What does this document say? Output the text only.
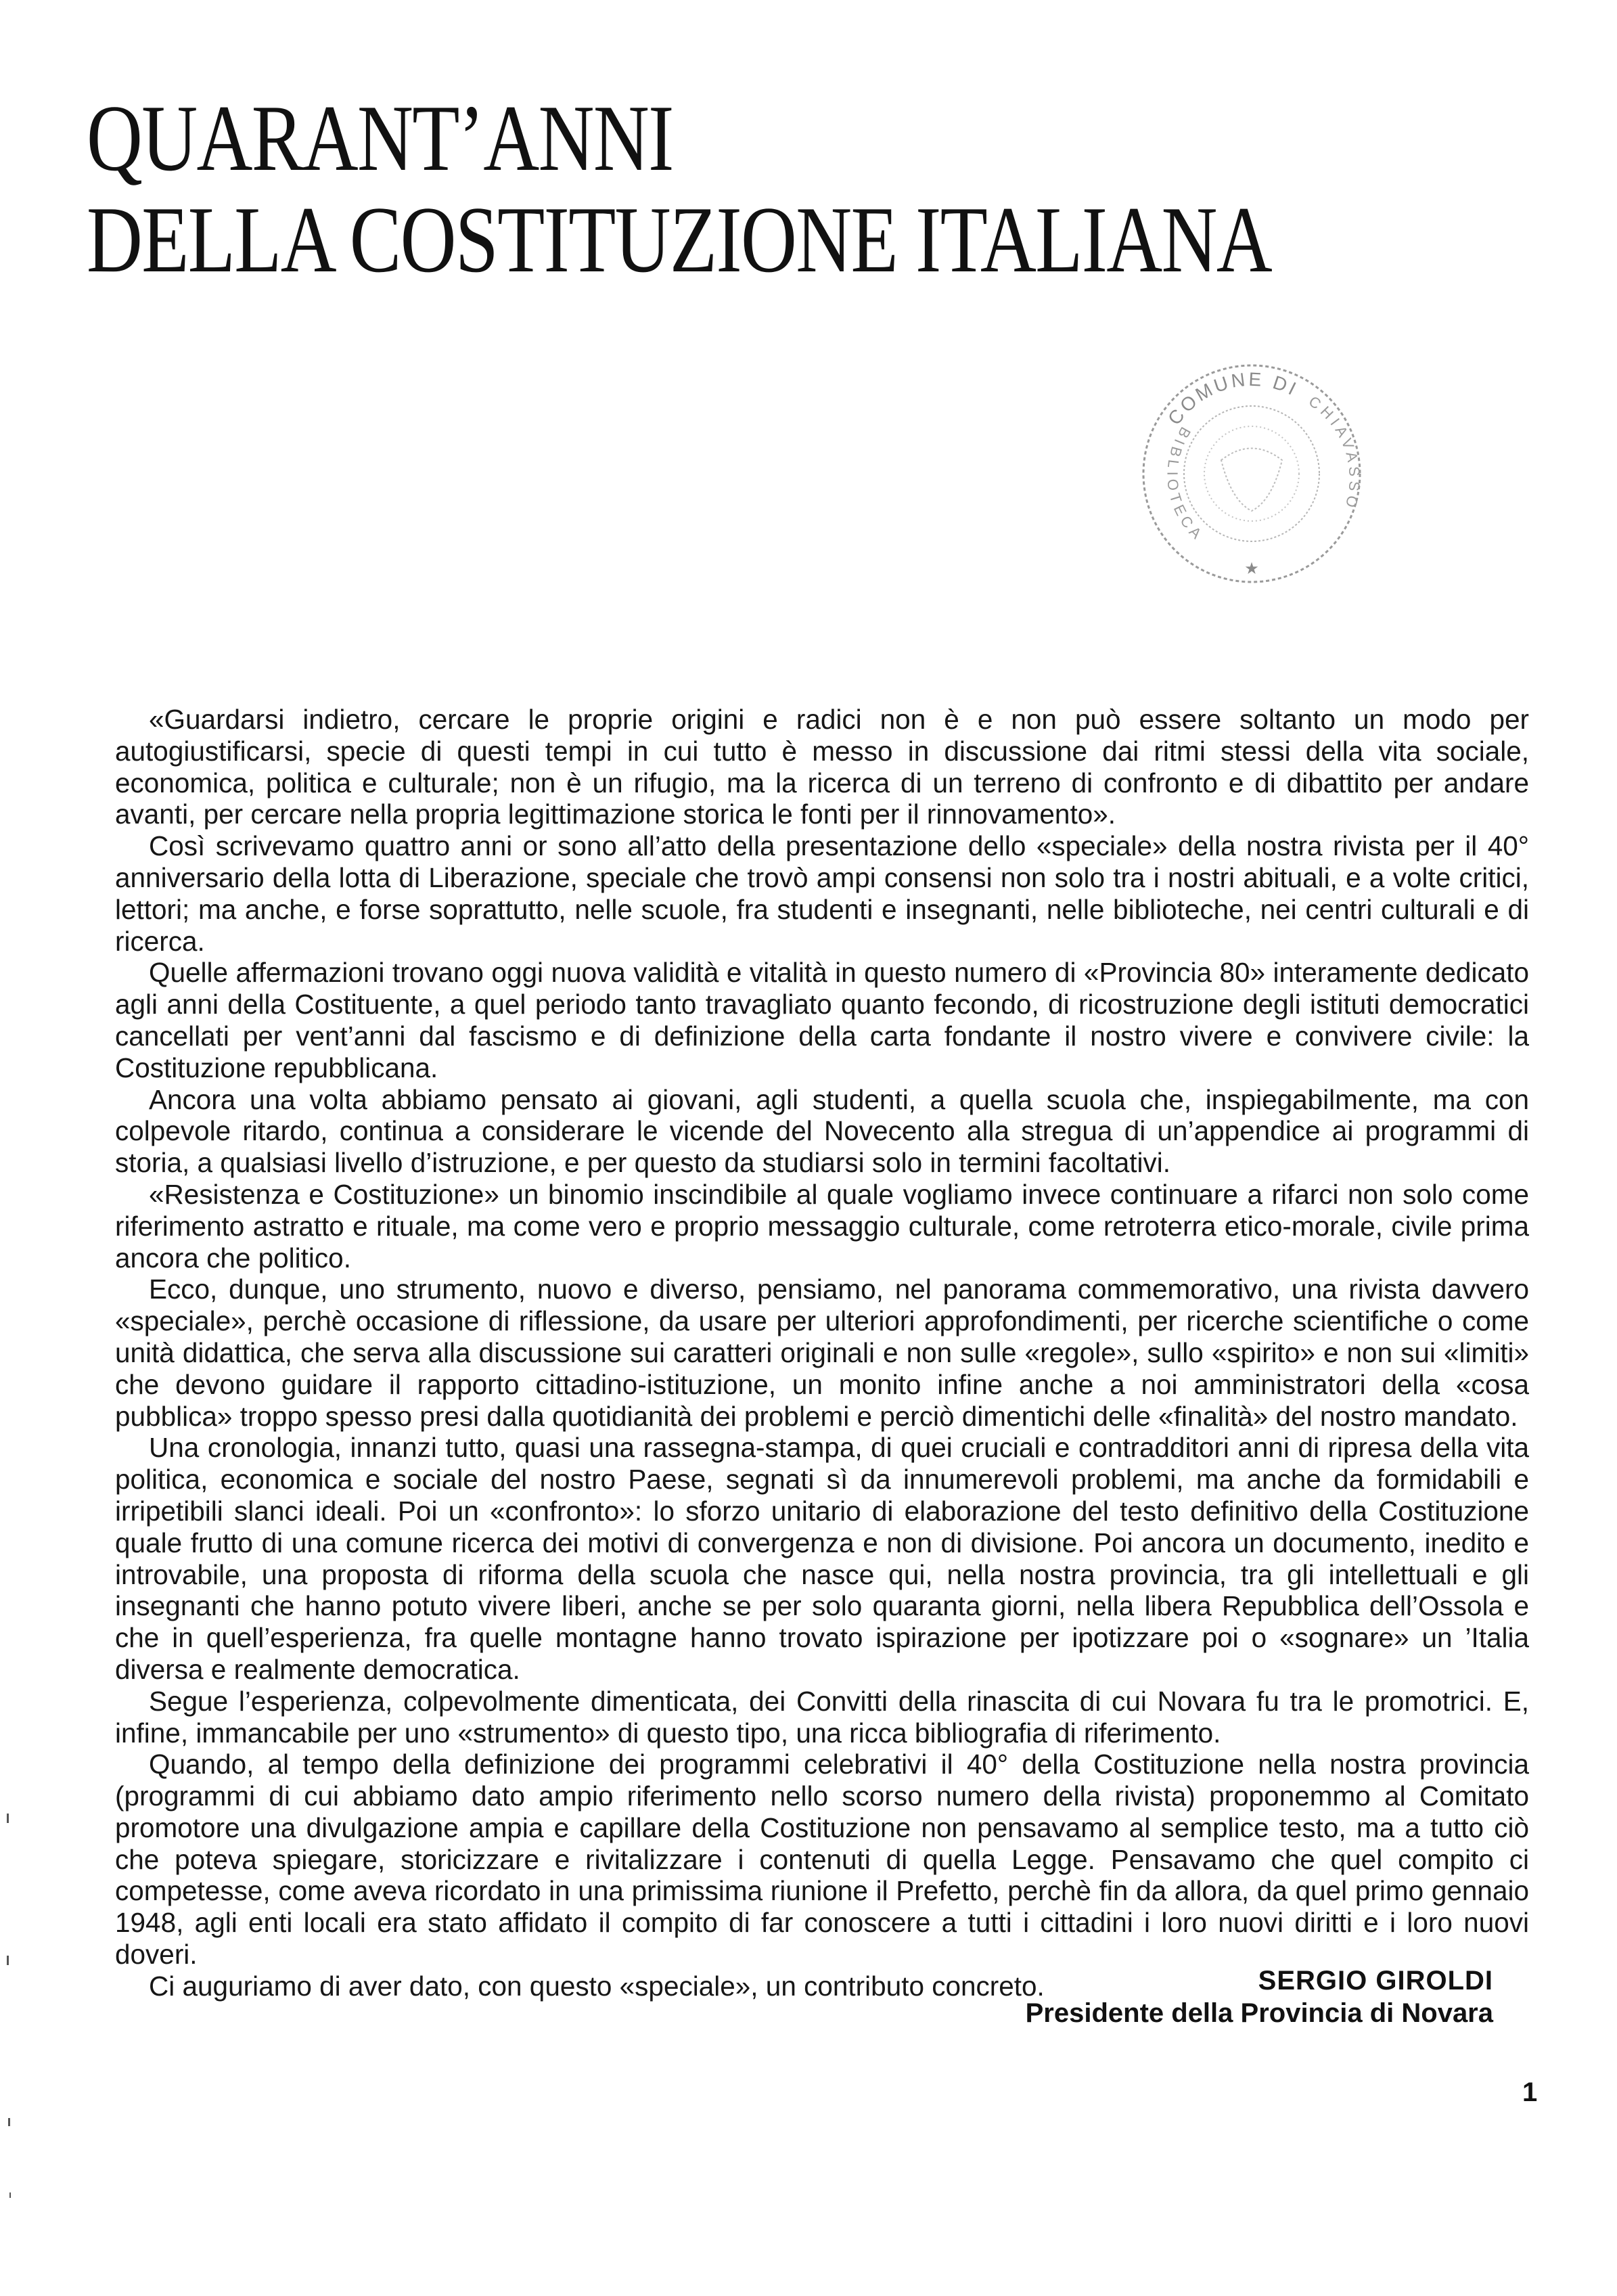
QUARANT’ANNI
DELLA COSTITUZIONE ITALIANA
COMUNE DI
BIBLIOTECA
CHIAVASSO
★

«Guardarsi indietro, cercare le proprie origini e radici non è e non può essere soltanto un modo per autogiustificarsi, specie di questi tempi in cui tutto è messo in discussione dai ritmi stessi della vita sociale, economica, politica e culturale; non è un rifugio, ma la ricerca di un terreno di confronto e di dibattito per andare avanti, per cercare nella propria legittimazione storica le fonti per il rinnovamento».

Così scrivevamo quattro anni or sono all’atto della presentazione dello «speciale» della nostra rivista per il 40° anniversario della lotta di Liberazione, speciale che trovò ampi consensi non solo tra i nostri abituali, e a volte critici, lettori; ma anche, e forse soprattutto, nelle scuole, fra studenti e insegnanti, nelle biblioteche, nei centri culturali e di ricerca.

Quelle affermazioni trovano oggi nuova validità e vitalità in questo numero di «Provincia 80» interamente dedicato agli anni della Costituente, a quel periodo tanto travagliato quanto fecondo, di ricostruzione degli istituti democratici cancellati per vent’anni dal fascismo e di definizione della carta fondante il nostro vivere e convivere civile: la Costituzione repubblicana.

Ancora una volta abbiamo pensato ai giovani, agli studenti, a quella scuola che, inspiegabilmente, ma con colpevole ritardo, continua a considerare le vicende del Novecento alla stregua di un’appendice ai programmi di storia, a qualsiasi livello d’istruzione, e per questo da studiarsi solo in termini facoltativi.

«Resistenza e Costituzione» un binomio inscindibile al quale vogliamo invece continuare a rifarci non solo come riferimento astratto e rituale, ma come vero e proprio messaggio culturale, come retroterra etico-morale, civile prima ancora che politico.

Ecco, dunque, uno strumento, nuovo e diverso, pensiamo, nel panorama commemorativo, una rivista davvero «speciale», perchè occasione di riflessione, da usare per ulteriori approfondimenti, per ricerche scientifiche o come unità didattica, che serva alla discussione sui caratteri originali e non sulle «regole», sullo «spirito» e non sui «limiti» che devono guidare il rapporto cittadino-istituzione, un monito infine anche a noi amministratori della «cosa pubblica» troppo spesso presi dalla quotidianità dei problemi e perciò dimentichi delle «finalità» del nostro mandato.

Una cronologia, innanzi tutto, quasi una rassegna-stampa, di quei cruciali e contradditori anni di ripresa della vita politica, economica e sociale del nostro Paese, segnati sì da innumerevoli problemi, ma anche da formidabili e irripetibili slanci ideali. Poi un «confronto»: lo sforzo unitario di elaborazione del testo definitivo della Costituzione quale frutto di una comune ricerca dei motivi di convergenza e non di divisione. Poi ancora un documento, inedito e introvabile, una proposta di riforma della scuola che nasce qui, nella nostra provincia, tra gli intellettuali e gli insegnanti che hanno potuto vivere liberi, anche se per solo quaranta giorni, nella libera Repubblica dell’Ossola e che in quell’esperienza, fra quelle montagne hanno trovato ispirazione per ipotizzare poi o «sognare» un ’Italia diversa e realmente democratica.

Segue l’esperienza, colpevolmente dimenticata, dei Convitti della rinascita di cui Novara fu tra le promotrici. E, infine, immancabile per uno «strumento» di questo tipo, una ricca bibliografia di riferimento.

Quando, al tempo della definizione dei programmi celebrativi il 40° della Costituzione nella nostra provincia (programmi di cui abbiamo dato ampio riferimento nello scorso numero della rivista) proponemmo al Comitato promotore una divulgazione ampia e capillare della Costituzione non pensavamo al semplice testo, ma a tutto ciò che poteva spiegare, storicizzare e rivitalizzare i contenuti di quella Legge. Pensavamo che quel compito ci competesse, come aveva ricordato in una primissima riunione il Prefetto, perchè fin da allora, da quel primo gennaio 1948, agli enti locali era stato affidato il compito di far conoscere a tutti i cittadini i loro nuovi diritti e i loro nuovi doveri.

Ci auguriamo di aver dato, con questo «speciale», un contributo concreto.	SERGIO GIROLDI
Presidente della Provincia di Novara
1
